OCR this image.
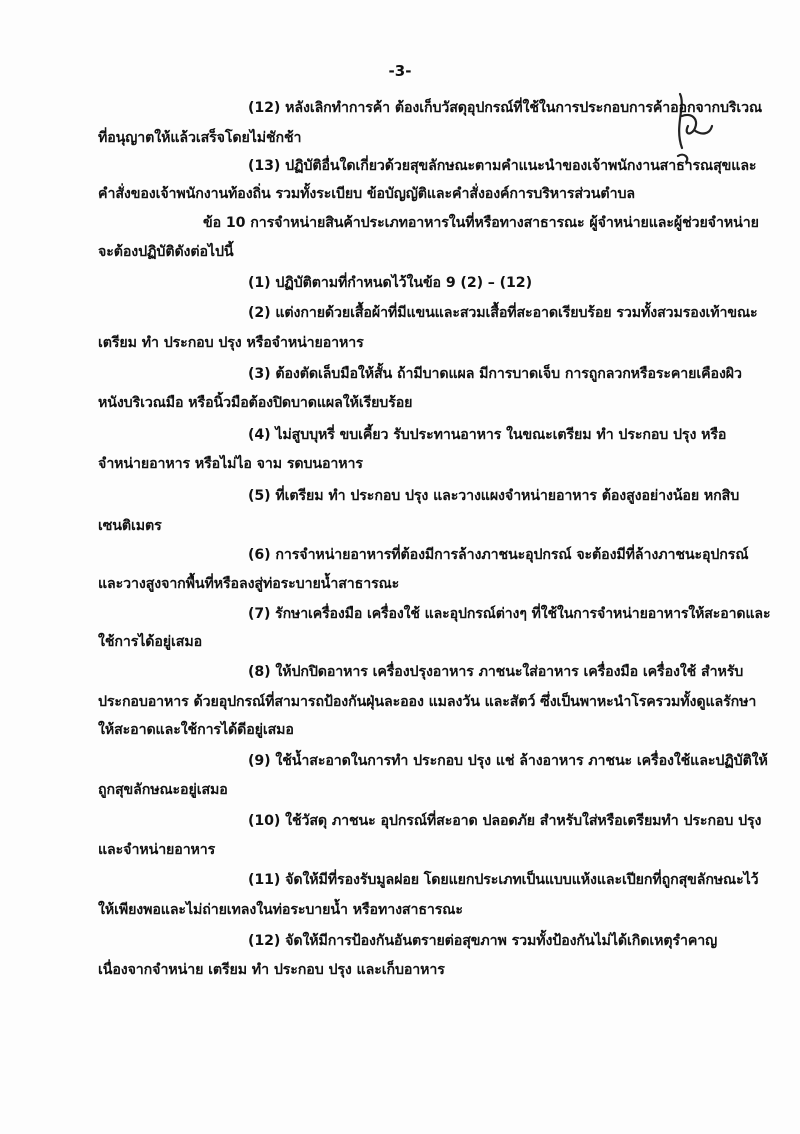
-3-
(12) หลังเลิกทำการค้า ต้องเก็บวัสดุอุปกรณ์ที่ใช้ในการประกอบการค้าออกจากบริเวณ
ที่อนุญาตให้แล้วเสร็จโดยไม่ชักช้า
(13) ปฏิบัติอื่นใดเกี่ยวด้วยสุขลักษณะตามคำแนะนำของเจ้าพนักงานสาธารณสุขและ
คำสั่งของเจ้าพนักงานท้องถิ่น รวมทั้งระเบียบ ข้อบัญญัติและคำสั่งองค์การบริหารส่วนตำบล
ข้อ 10 การจำหน่ายสินค้าประเภทอาหารในที่หรือทางสาธารณะ ผู้จำหน่ายและผู้ช่วยจำหน่าย
จะต้องปฏิบัติดังต่อไปนี้
(1) ปฏิบัติตามที่กำหนดไว้ในข้อ 9 (2) – (12)
(2) แต่งกายด้วยเสื้อผ้าที่มีแขนและสวมเสื้อที่สะอาดเรียบร้อย รวมทั้งสวมรองเท้าขณะ
เตรียม ทำ ประกอบ ปรุง หรือจำหน่ายอาหาร
(3) ต้องตัดเล็บมือให้สั้น ถ้ามีบาดแผล มีการบาดเจ็บ การถูกลวกหรือระคายเคืองผิว
หนังบริเวณมือ หรือนิ้วมือต้องปิดบาดแผลให้เรียบร้อย
(4) ไม่สูบบุหรี่ ขบเคี้ยว รับประทานอาหาร ในขณะเตรียม ทำ ประกอบ ปรุง หรือ
จำหน่ายอาหาร หรือไม่ไอ จาม รดบนอาหาร
(5) ที่เตรียม ทำ ประกอบ ปรุง และวางแผงจำหน่ายอาหาร ต้องสูงอย่างน้อย หกสิบ
เซนติเมตร
(6) การจำหน่ายอาหารที่ต้องมีการล้างภาชนะอุปกรณ์ จะต้องมีที่ล้างภาชนะอุปกรณ์
และวางสูงจากพื้นที่หรือลงสู่ท่อระบายน้ำสาธารณะ
(7) รักษาเครื่องมือ เครื่องใช้ และอุปกรณ์ต่างๆ ที่ใช้ในการจำหน่ายอาหารให้สะอาดและ
ใช้การได้อยู่เสมอ
(8) ให้ปกปิดอาหาร เครื่องปรุงอาหาร ภาชนะใส่อาหาร เครื่องมือ เครื่องใช้ สำหรับ
ประกอบอาหาร ด้วยอุปกรณ์ที่สามารถป้องกันฝุ่นละออง แมลงวัน และสัตว์ ซึ่งเป็นพาหะนำโรครวมทั้งดูแลรักษา
ให้สะอาดและใช้การได้ดีอยู่เสมอ
(9) ใช้น้ำสะอาดในการทำ ประกอบ ปรุง แช่ ล้างอาหาร ภาชนะ เครื่องใช้และปฏิบัติให้
ถูกสุขลักษณะอยู่เสมอ
(10) ใช้วัสดุ ภาชนะ อุปกรณ์ที่สะอาด ปลอดภัย สำหรับใส่หรือเตรียมทำ ประกอบ ปรุง
และจำหน่ายอาหาร
(11) จัดให้มีที่รองรับมูลฝอย โดยแยกประเภทเป็นแบบแห้งและเปียกที่ถูกสุขลักษณะไว้
ให้เพียงพอและไม่ถ่ายเทลงในท่อระบายน้ำ หรือทางสาธารณะ
(12) จัดให้มีการป้องกันอันตรายต่อสุขภาพ รวมทั้งป้องกันไม่ได้เกิดเหตุรำคาญ
เนื่องจากจำหน่าย เตรียม ทำ ประกอบ ปรุง และเก็บอาหาร
